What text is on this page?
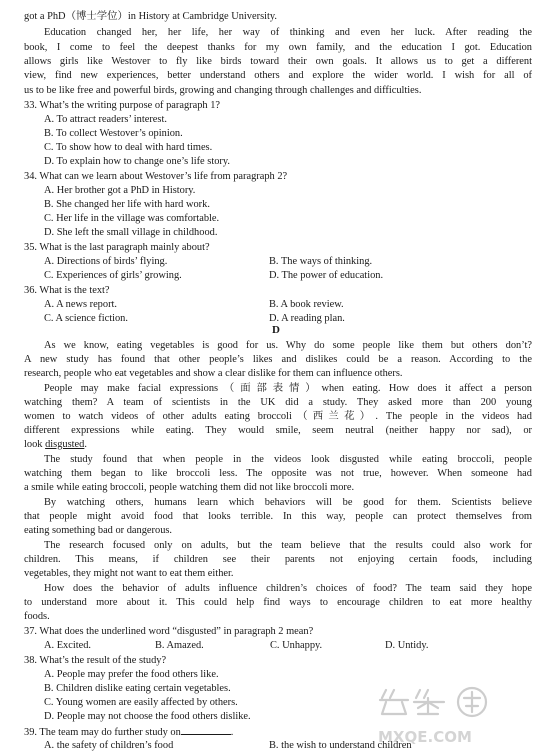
got a PhD（博士学位）in History at Cambridge University.
Education changed her, her life, her way of thinking and even her luck. After reading the
book, I come to feel the deepest thanks for my own family, and the education I got. Education
allows girls like Westover to fly like birds toward their own goals. It allows us to get a different
view, find new experiences, better understand others and explore the wider world. I wish for all of
us to be like free and powerful birds, growing and changing through challenges and difficulties.
33. What’s the writing purpose of paragraph 1?
A. To attract readers’ interest.
B. To collect Westover’s opinion.
C. To show how to deal with hard times.
D. To explain how to change one’s life story.
34. What can we learn about Westover’s life from paragraph 2?
A. Her brother got a PhD in History.
B. She changed her life with hard work.
C. Her life in the village was comfortable.
D. She left the small village in childhood.
35. What is the last paragraph mainly about?
A. Directions of birds’ flying.	B. The ways of thinking.
C. Experiences of girls’ growing.	D. The power of education.
36. What is the text?
A. A news report.	B. A book review.
C. A science fiction.	D. A reading plan.
D
As we know, eating vegetables is good for us. Why do some people like them but others don’t?
A new study has found that other people’s likes and dislikes could be a reason. According to the
research, people who eat vegetables and show a clear dislike for them can influence others.
People may make facial expressions（面部表情）when eating. How does it affect a person
watching them? A team of scientists in the UK did a study. They asked more than 200 young
women to watch videos of other adults eating broccoli（西兰花）. The people in the videos had
different expressions while eating. They would smile, seem neutral (neither happy nor sad), or
look disgusted.
The study found that when people in the videos look disgusted while eating broccoli, people
watching them began to like broccoli less. The opposite was not true, however. When someone had
a smile while eating broccoli, people watching them did not like broccoli more.
By watching others, humans learn which behaviors will be good for them. Scientists believe
that people might avoid food that looks terrible. In this way, people can protect themselves from
eating something bad or dangerous.
The research focused only on adults, but the team believe that the results could also work for
children. This means, if children see their parents not enjoying certain foods, including
vegetables, they might not want to eat them either.
How does the behavior of adults influence children’s choices of food? The team said they hope
to understand more about it. This could help find ways to encourage children to eat more healthy
foods.
37. What does the underlined word “disgusted” in paragraph 2 mean?
A. Excited.	B. Amazed.	C. Unhappy.	D. Untidy.
38. What’s the result of the study?
A. People may prefer the food others like.
B. Children dislike eating certain vegetables.
C. Young women are easily affected by others.
D. People may not choose the food others dislike.
39. The team may do further study on	.
A. the safety of children’s food	B. the wish to understand children
MXQE.COM
